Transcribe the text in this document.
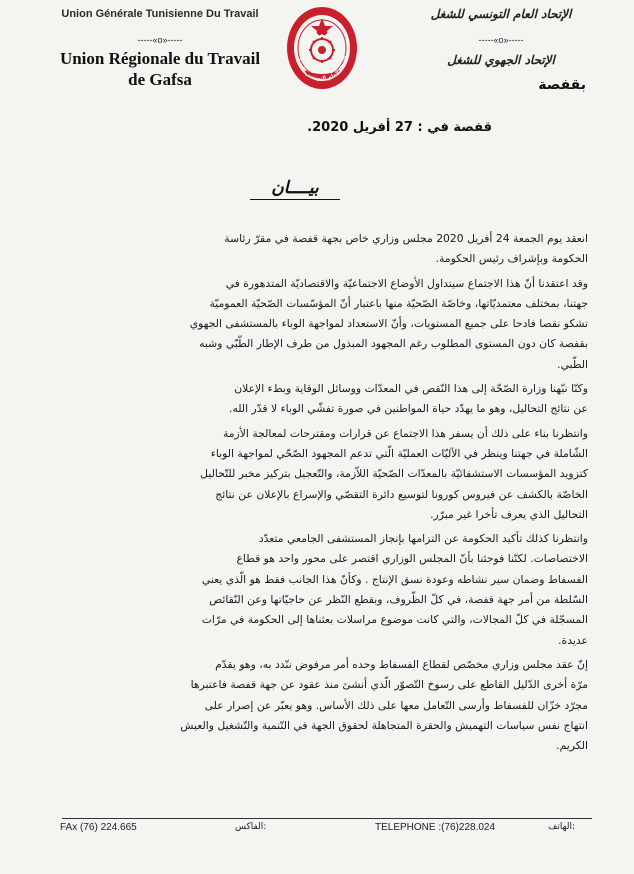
Union Générale Tunisienne Du Travail
-----«o»-----
Union Régionale du Travail
de Gafsa
الاتحاد العام التونسي للشغل
الإتحاد العام التونسي للشغل
-----«o»-----
الإتحاد الجهوي للشغل
بقفصة
قفصة في : 27 أفريل 2020.
بيــــان

انعقد يوم الجمعة 24 أفريل 2020 مجلس وزاري خاص بجهة قفصة في مقرّ رئاسة
الحكومة وبإشراف رئيس الحكومة.

وقد اعتقدنا أنّ هذا الاجتماع سيتداول الأوضاع الاجتماعيّة والاقتصاديّة المتدهورة في
جهتنا، بمختلف معتمديّاتها، وخاصّة الصّحيّة منها باعتبار أنّ المؤسّسات الصّحيّة العموميّة
تشكو نقصا فادحا على جميع المستويات، وأنّ الاستعداد لمواجهة الوباء بالمستشفى الجهوي
بقفصة كان دون المستوى المطلوب رغم المجهود المبذول من طرف الإطار الطّبّي وشبه
الطّبي.

وكنّا نبّهنا وزارة الصّحّة إلى هذا النّقص في المعدّات ووسائل الوقاية وبطء الإعلان
عن نتائج التحاليل، وهو ما يهدّد حياة المواطنين في صورة تفشّي الوباء لا قدّر الله.

وانتظرنا بناء على ذلك أن يسفر هذا الاجتماع عن قرارات ومقترحات لمعالجة الأزمة
الشّاملة في جهتنا وينظر في الآليّات العمليّة الّتي تدعم المجهود الصّحّي لمواجهة الوباء
كتزويد المؤسسات الاستشفائيّة بالمعدّات الصّحيّة اللاّزمة، والتّعجيل بتركيز مخبر للتّحاليل
الخاصّة بالكشف عن فيروس كورونا لتوسيع دائرة التقصّي والإسراع بالإعلان عن نتائج
التحاليل الذي يعرف تأخرا غير مبرّر.

وانتظرنا كذلك تأكيد الحكومة عن التزامها بإنجاز المستشفى الجامعي متعدّد
الاختصاصات. لكنّنا فوجئنا بأنّ المجلس الوزاري اقتصر على محور واحد هو قطاع
الفسفاط وضمان سير نشاطه وعودة نسق الإنتاج . وكأنّ هذا الجانب فقط هو الّذي يعني
السّلطة من أمر جهة قفصة، في كلّ الظّروف، وبقطع النّظر عن حاجيّاتها وعن النّقائص
المسجّلة في كلّ المجالات، والتي كانت موضوع مراسلات بعثناها إلى الحكومة في مرّات
عديدة.

إنّ عقد مجلس وزاري مخصّص لقطاع الفسفاط وحده أمر مرفوض ننّدد به، وهو يقدّم
مرّة أخرى الدّليل القاطع على رسوخ التّصوّر الّذي أنشئ منذ عقود عن جهة قفصة فاعتبرها
مجرّد خزّان للفسفاط وأرسى التّعامل معها على ذلك الأساس. وهو يعبّر عن إصرار على
انتهاج نفس سياسات التهميش والحقرة المتجاهلة لحقوق الجهة في التّنمية والتّشغيل والعيش
الكريم.

FAx (76) 224.665	الفاكس:	TELEPHONE :(76)228.024	الهاتف:
